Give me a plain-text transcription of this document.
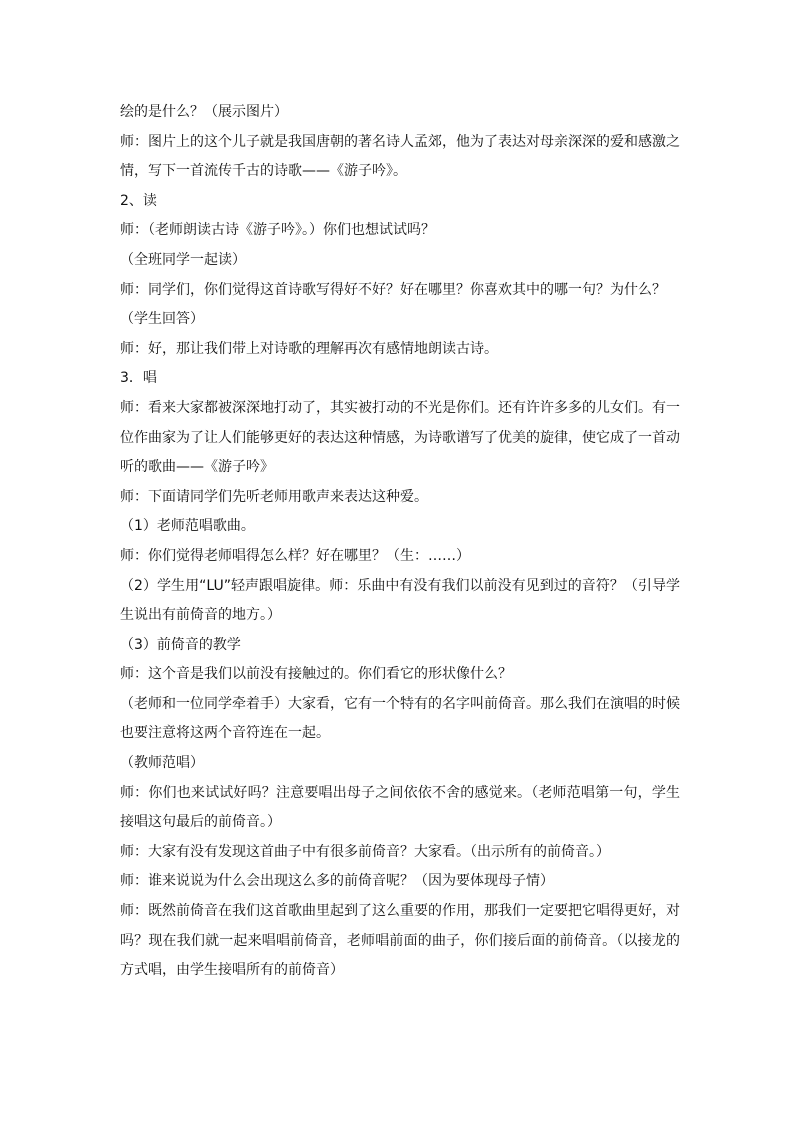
绘的是什么？（展示图片）

师：图片上的这个儿子就是我国唐朝的著名诗人孟郊，他为了表达对母亲深深的爱和感激之情，写下一首流传千古的诗歌——《游子吟》。

2、读

师：（老师朗读古诗《游子吟》。）你们也想试试吗？

（全班同学一起读）

师：同学们，你们觉得这首诗歌写得好不好？好在哪里？你喜欢其中的哪一句？为什么？

（学生回答）

师：好，那让我们带上对诗歌的理解再次有感情地朗读古诗。

3．唱

师：看来大家都被深深地打动了，其实被打动的不光是你们。还有许许多多的儿女们。有一位作曲家为了让人们能够更好的表达这种情感，为诗歌谱写了优美的旋律，使它成了一首动听的歌曲——《游子吟》

师：下面请同学们先听老师用歌声来表达这种爱。

（1）老师范唱歌曲。

师：你们觉得老师唱得怎么样？好在哪里？（生：……）

（2）学生用“LU”轻声跟唱旋律。师：乐曲中有没有我们以前没有见到过的音符？（引导学生说出有前倚音的地方。）

（3）前倚音的教学

师：这个音是我们以前没有接触过的。你们看它的形状像什么？

（老师和一位同学牵着手）大家看，它有一个特有的名字叫前倚音。那么我们在演唱的时候也要注意将这两个音符连在一起。

（教师范唱）

师：你们也来试试好吗？注意要唱出母子之间依依不舍的感觉来。（老师范唱第一句，学生接唱这句最后的前倚音。）

师：大家有没有发现这首曲子中有很多前倚音？大家看。（出示所有的前倚音。）

师：谁来说说为什么会出现这么多的前倚音呢？（因为要体现母子情）

师：既然前倚音在我们这首歌曲里起到了这么重要的作用，那我们一定要把它唱得更好，对吗？现在我们就一起来唱唱前倚音，老师唱前面的曲子，你们接后面的前倚音。（以接龙的方式唱，由学生接唱所有的前倚音）
